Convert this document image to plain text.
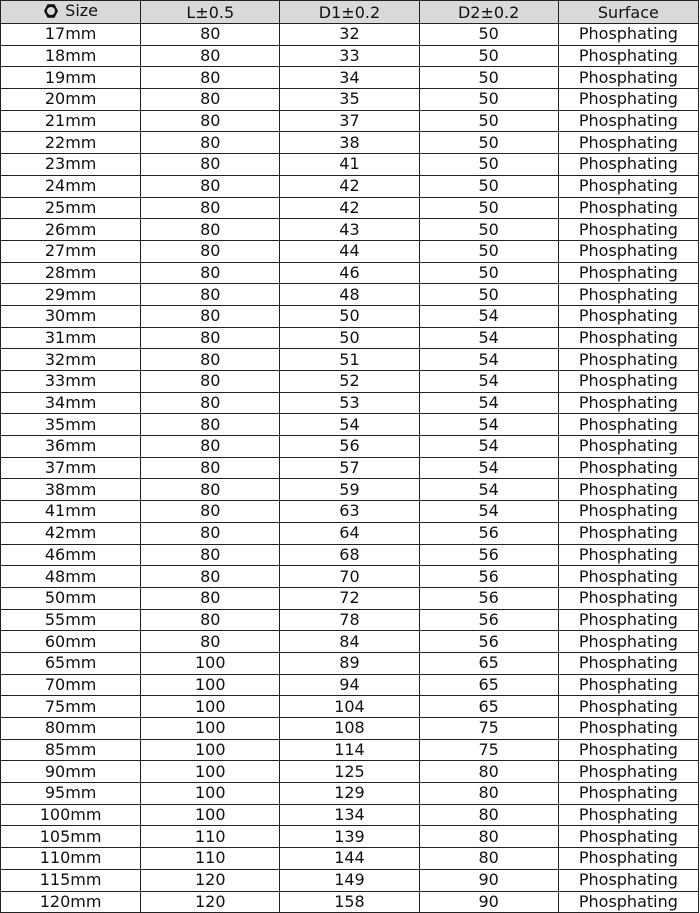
Size	L±0.5	D1±0.2	D2±0.2	Surface
17mm	80	32	50	Phosphating
18mm	80	33	50	Phosphating
19mm	80	34	50	Phosphating
20mm	80	35	50	Phosphating
21mm	80	37	50	Phosphating
22mm	80	38	50	Phosphating
23mm	80	41	50	Phosphating
24mm	80	42	50	Phosphating
25mm	80	42	50	Phosphating
26mm	80	43	50	Phosphating
27mm	80	44	50	Phosphating
28mm	80	46	50	Phosphating
29mm	80	48	50	Phosphating
30mm	80	50	54	Phosphating
31mm	80	50	54	Phosphating
32mm	80	51	54	Phosphating
33mm	80	52	54	Phosphating
34mm	80	53	54	Phosphating
35mm	80	54	54	Phosphating
36mm	80	56	54	Phosphating
37mm	80	57	54	Phosphating
38mm	80	59	54	Phosphating
41mm	80	63	54	Phosphating
42mm	80	64	56	Phosphating
46mm	80	68	56	Phosphating
48mm	80	70	56	Phosphating
50mm	80	72	56	Phosphating
55mm	80	78	56	Phosphating
60mm	80	84	56	Phosphating
65mm	100	89	65	Phosphating
70mm	100	94	65	Phosphating
75mm	100	104	65	Phosphating
80mm	100	108	75	Phosphating
85mm	100	114	75	Phosphating
90mm	100	125	80	Phosphating
95mm	100	129	80	Phosphating
100mm	100	134	80	Phosphating
105mm	110	139	80	Phosphating
110mm	110	144	80	Phosphating
115mm	120	149	90	Phosphating
120mm	120	158	90	Phosphating
